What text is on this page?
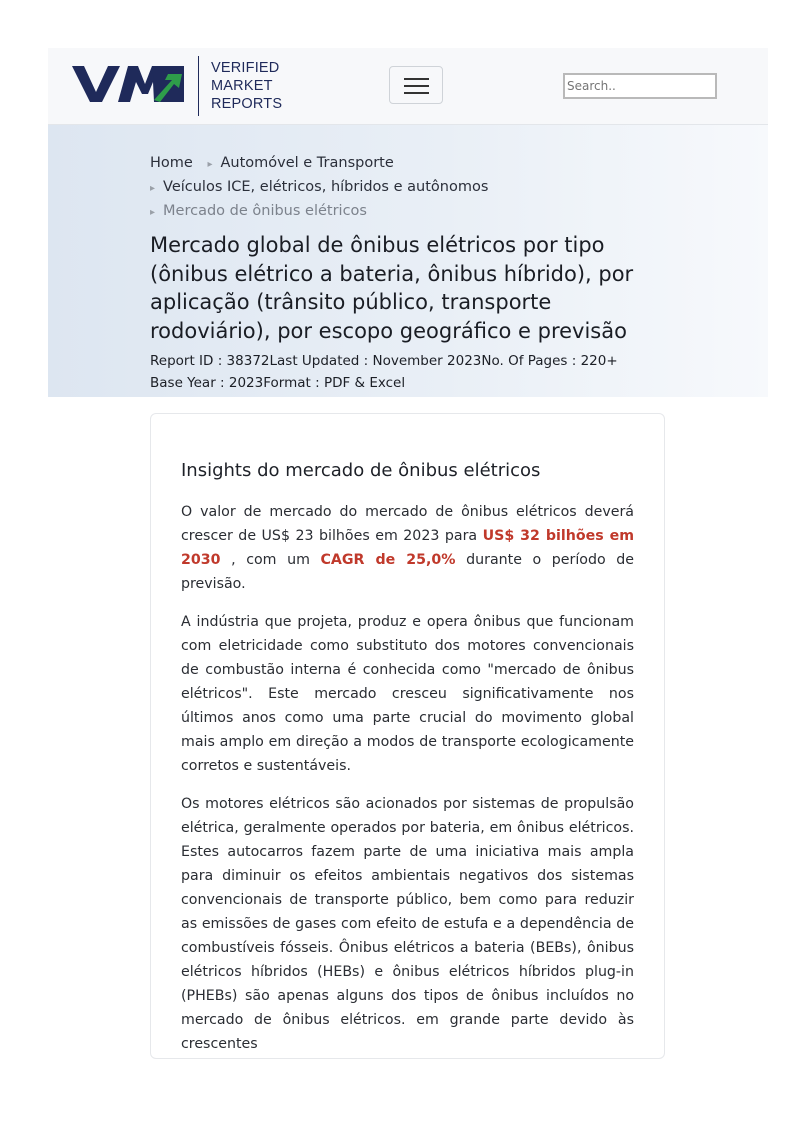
VERIFIED
MARKET
REPORTS
Search..
Home ▸ Automóvel e Transporte
▸ Veículos ICE, elétricos, híbridos e autônomos
▸ Mercado de ônibus elétricos
Mercado global de ônibus elétricos por tipo (ônibus elétrico a bateria, ônibus híbrido), por aplicação (trânsito público, transporte rodoviário), por escopo geográfico e previsão
Report ID : 38372Last Updated : November 2023No. Of Pages : 220+
Base Year : 2023Format : PDF & Excel
Insights do mercado de ônibus elétricos

O valor de mercado do mercado de ônibus elétricos deverá crescer de US$ 23 bilhões em 2023 para US$ 32 bilhões em 2030 , com um CAGR de 25,0% durante o período de previsão.

A indústria que projeta, produz e opera ônibus que funcionam com eletricidade como substituto dos motores convencionais de combustão interna é conhecida como "mercado de ônibus elétricos". Este mercado cresceu significativamente nos últimos anos como uma parte crucial do movimento global mais amplo em direção a modos de transporte ecologicamente corretos e sustentáveis.

Os motores elétricos são acionados por sistemas de propulsão elétrica, geralmente operados por bateria, em ônibus elétricos. Estes autocarros fazem parte de uma iniciativa mais ampla para diminuir os efeitos ambientais negativos dos sistemas convencionais de transporte público, bem como para reduzir as emissões de gases com efeito de estufa e a dependência de combustíveis fósseis. Ônibus elétricos a bateria (BEBs), ônibus elétricos híbridos (HEBs) e ônibus elétricos híbridos plug-in (PHEBs) são apenas alguns dos tipos de ônibus incluídos no mercado de ônibus elétricos. em grande parte devido às crescentes
